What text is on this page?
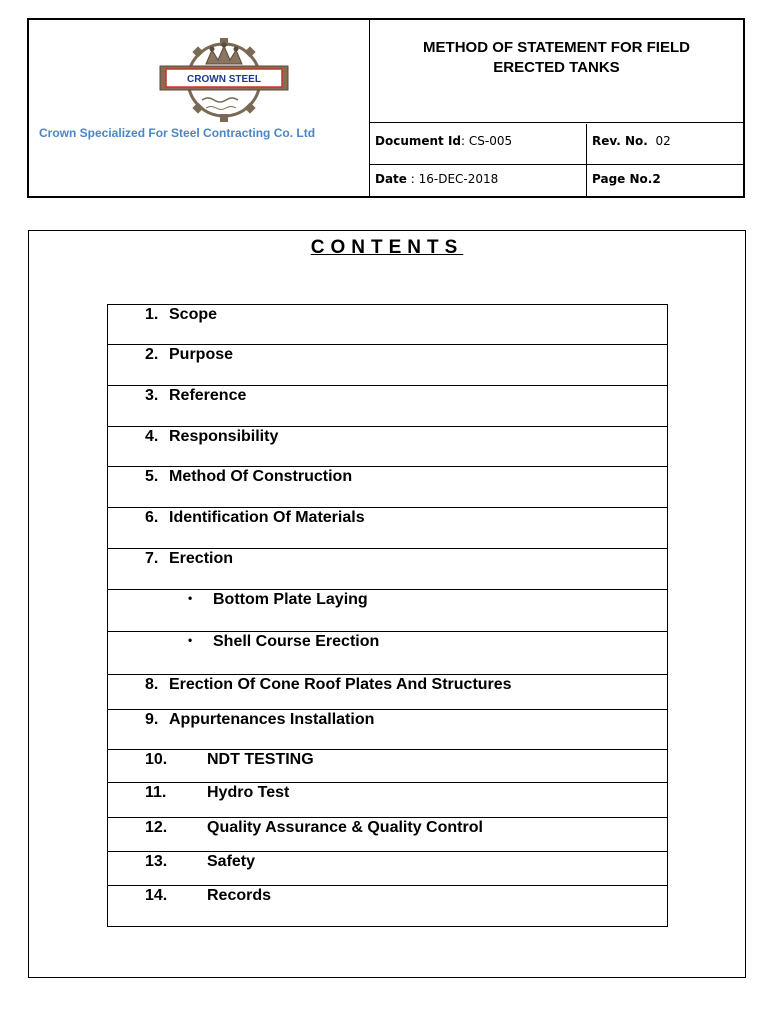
CROWN STEEL
Crown Specialized For Steel Contracting Co. Ltd
METHOD OF STATEMENT FOR FIELD
ERECTED TANKS
Document Id: CS-005	Rev. No. 02
Date : 16-DEC-2018	Page No.2
CONTENTS
1. Scope

2. Purpose

3. Reference

4. Responsibility

5. Method Of Construction

6. Identification Of Materials

7. Erection

• Bottom Plate Laying

• Shell Course Erection

8. Erection Of Cone Roof Plates And Structures

9. Appurtenances Installation

10. NDT TESTING

11.	Hydro Test

12. Quality Assurance & Quality Control

13. Safety

14. Records
